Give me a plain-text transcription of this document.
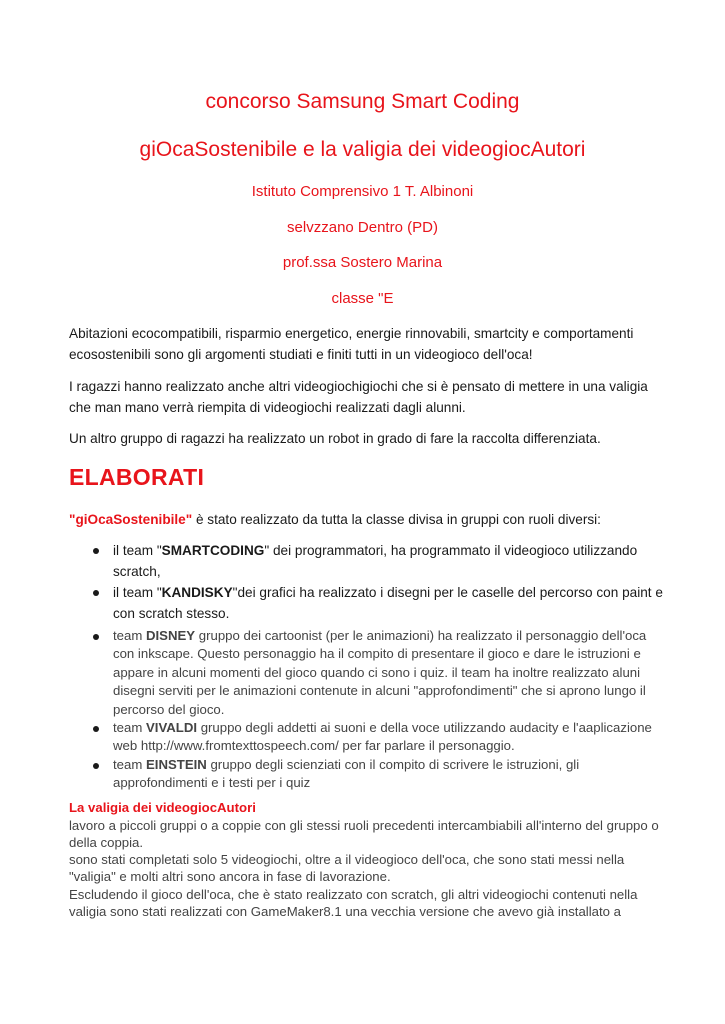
concorso Samsung Smart Coding
giOcaSostenibile e la valigia dei videogiocAutori
Istituto Comprensivo 1 T. Albinoni
selvzzano Dentro (PD)
prof.ssa Sostero Marina
classe "E
Abitazioni ecocompatibili, risparmio energetico, energie rinnovabili, smartcity e comportamenti ecosostenibili sono gli argomenti studiati e finiti tutti in un videogioco dell'oca!
I ragazzi hanno realizzato anche altri videogiochigiochi che si è pensato di mettere in una valigia che man mano verrà riempita di videogiochi realizzati dagli alunni.
Un altro gruppo di ragazzi ha realizzato un robot in grado di fare la raccolta differenziata.
ELABORATI
"giOcaSostenibile" è stato realizzato da tutta la classe divisa in gruppi con ruoli diversi:
il team "SMARTCODING" dei programmatori, ha programmato il videogioco utilizzando scratch,
il team "KANDISKY"dei grafici ha realizzato i disegni per le caselle del percorso con paint e con scratch stesso.
team DISNEY gruppo dei cartoonist (per le animazioni) ha realizzato il personaggio dell'oca con inkscape. Questo personaggio ha il compito di presentare il gioco e dare le istruzioni e appare in alcuni momenti del gioco quando ci sono i quiz. il team ha inoltre realizzato aluni disegni serviti per le animazioni contenute in alcuni "approfondimenti" che si aprono lungo il percorso del gioco.
team VIVALDI gruppo degli addetti ai suoni e della voce utilizzando audacity e l'aaplicazione web http://www.fromtexttospeech.com/ per far parlare il personaggio.
team EINSTEIN gruppo degli scienziati con il compito di scrivere le istruzioni, gli approfondimenti e i testi per i quiz
La valigia dei videogiocAutori
lavoro a piccoli gruppi o a coppie con gli stessi ruoli precedenti intercambiabili all'interno del gruppo o della coppia.
sono stati completati solo 5 videogiochi, oltre a il videogioco dell'oca, che sono stati messi nella "valigia" e molti altri sono ancora in fase di lavorazione.
Escludendo il gioco dell'oca, che è stato realizzato con scratch, gli altri videogiochi contenuti nella valigia sono stati realizzati con GameMaker8.1 una vecchia versione che avevo già installato a
